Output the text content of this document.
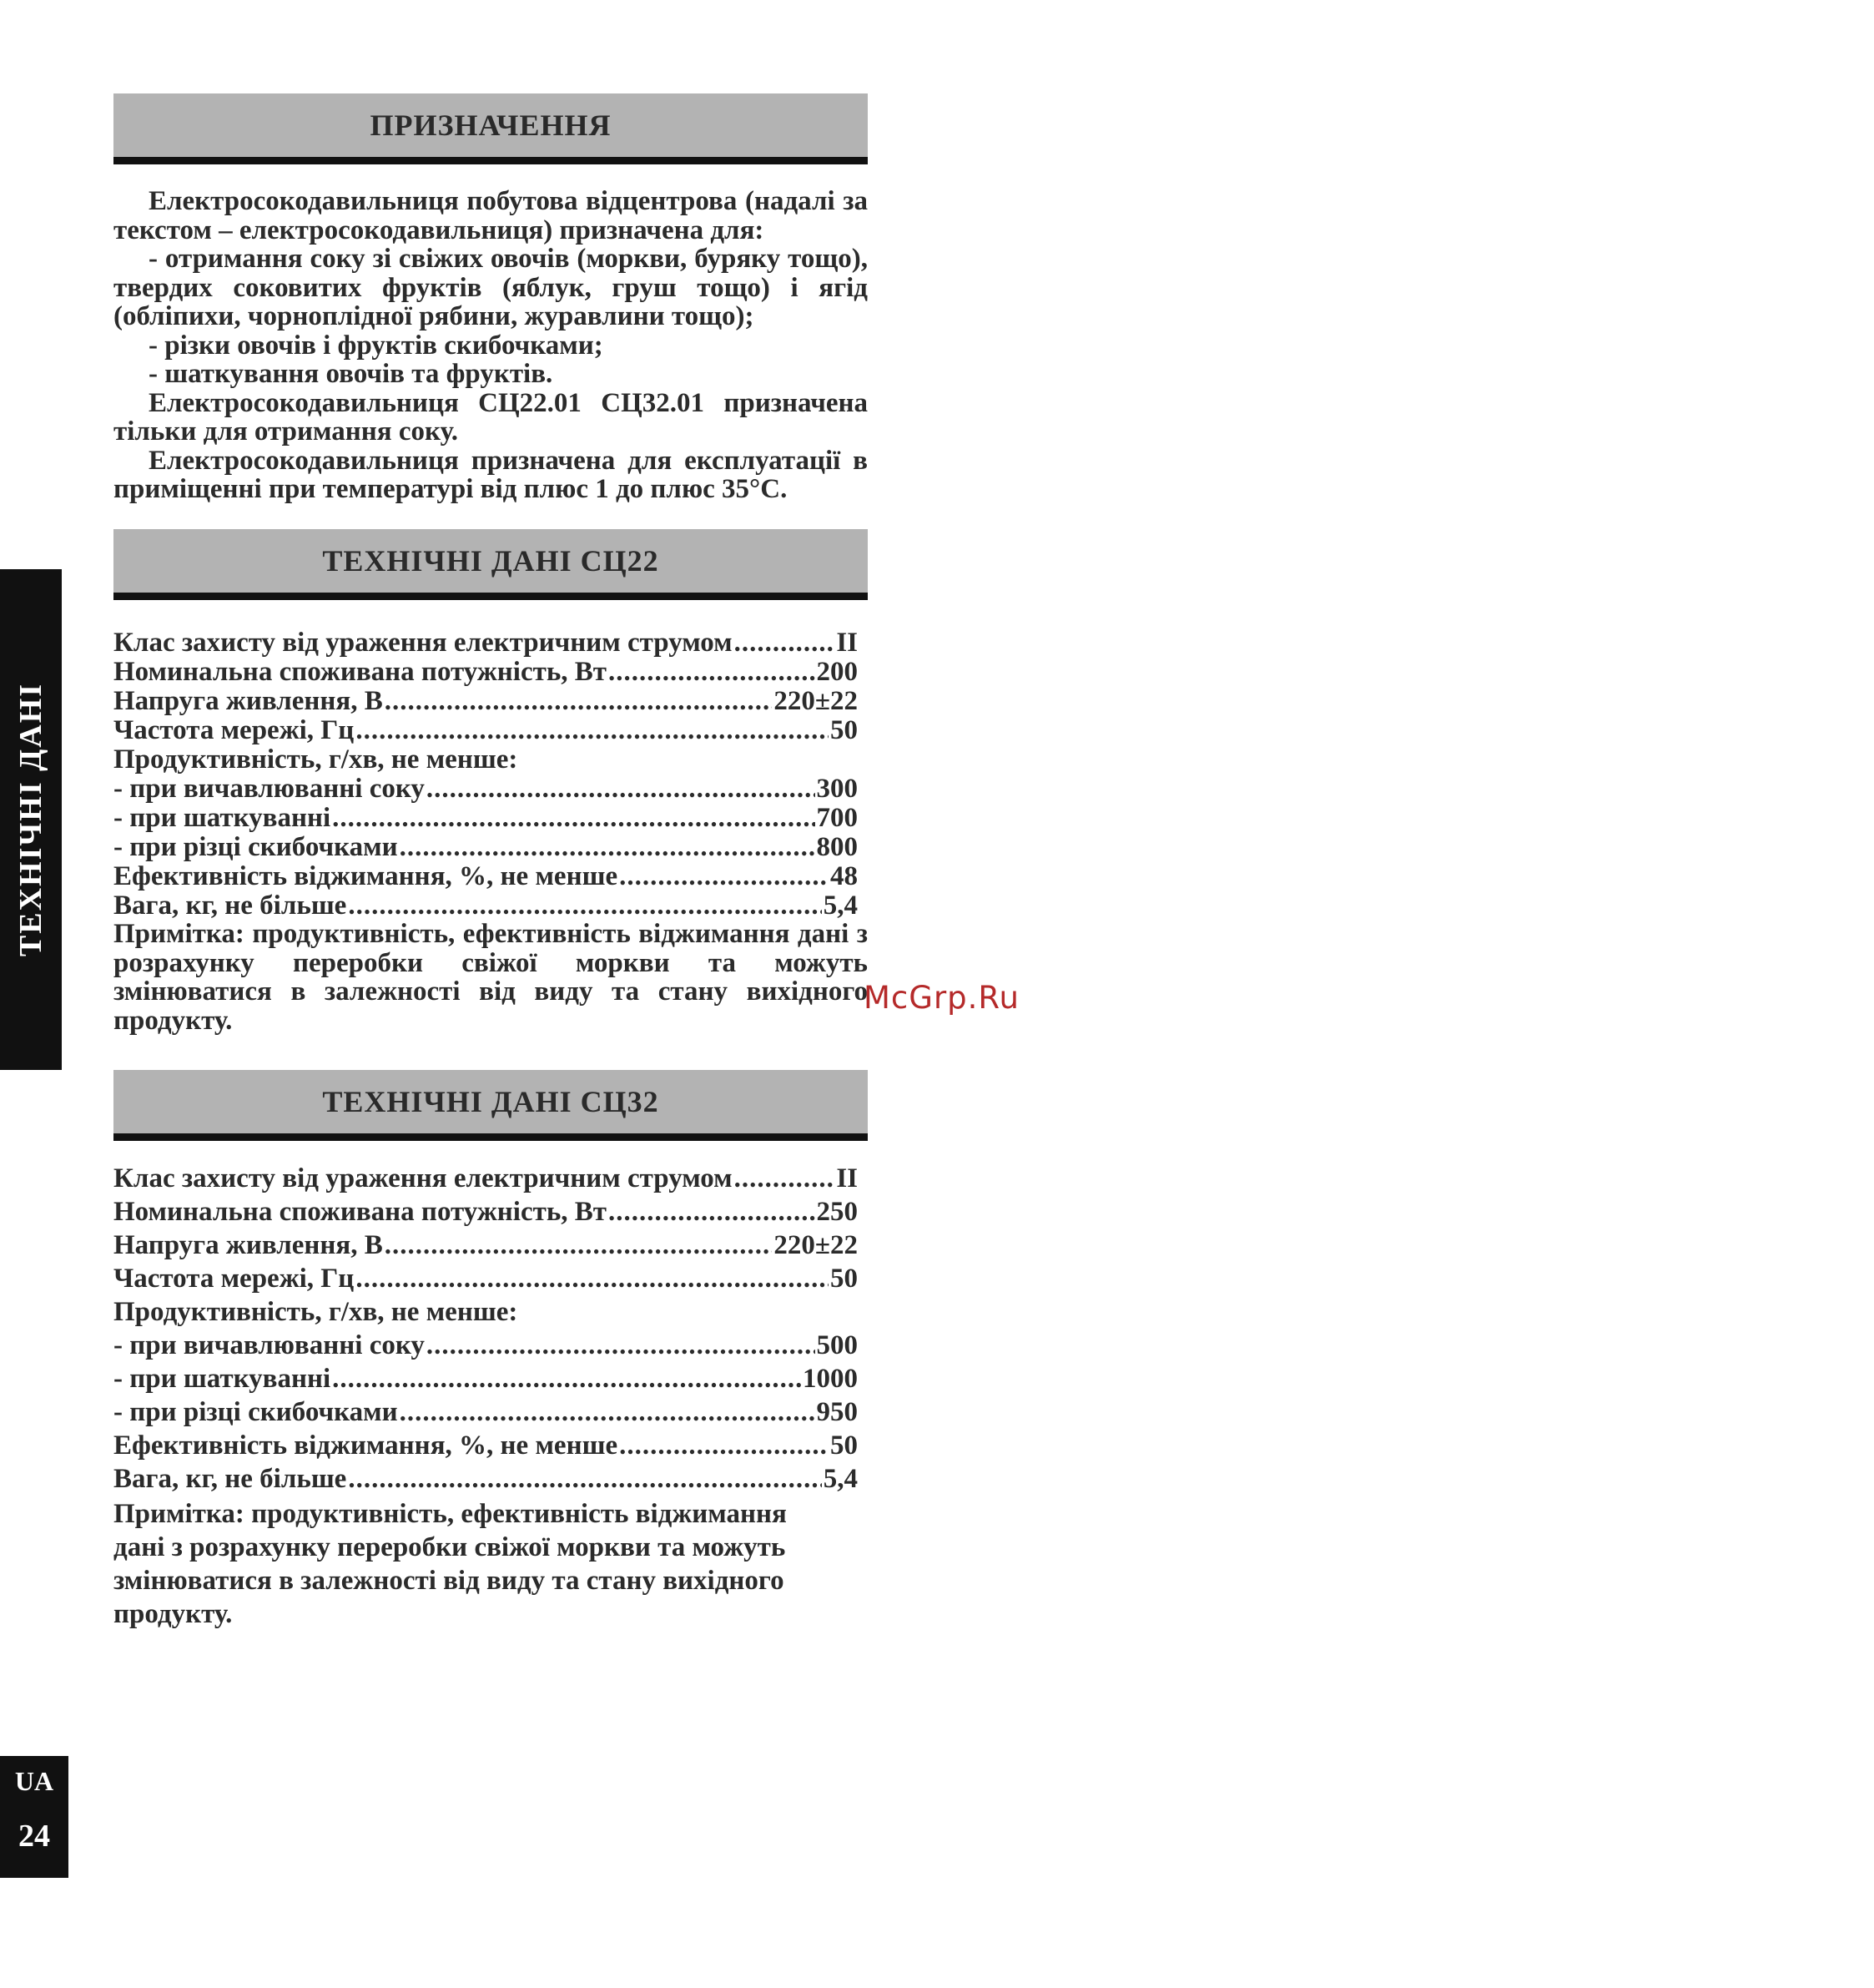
ТЕХНІЧНІ ДАНІ
ПРИЗНАЧЕННЯ

Електросокодавильниця побутова відцентрова (надалі за текстом – електросокодавильниця) призначена для:

- отримання соку зі свіжих овочів (моркви, буряку тощо), твердих соковитих фруктів (яблук, груш тощо) і ягід (обліпихи, чорноплідної рябини, журавлини тощо);

- різки овочів і фруктів скибочками;

- шаткування овочів та фруктів.

Електросокодавильниця СЦ22.01 СЦ32.01 призначена тільки для отримання соку.

Електросокодавильниця призначена для експлуатації в приміщенні при температурі від плюс 1 до плюс 35°С.

ТЕХНІЧНІ ДАНІ СЦ22
Клас захисту від ураження електричним струмом .....	II
Номинальна споживана потужність, Вт .....	200
Напруга живлення, В .....	220±22
Частота мережі, Гц .....	50
Продуктивність, г/хв, не менше:
- при вичавлюванні соку .....	300
- при шаткуванні .....	700
- при різці скибочками .....	800
Ефективність віджимання, %, не менше .....	48
Вага, кг, не більше .....	5,4

Примітка: продуктивність, ефективність віджимання дані з розрахунку переробки свіжої моркви та можуть змінюватися в залежності від виду та стану вихідного продукту.

ТЕХНІЧНІ ДАНІ СЦ32
Клас захисту від ураження електричним струмом .....	II
Номинальна споживана потужність, Вт .....	250
Напруга живлення, В .....	220±22
Частота мережі, Гц .....	50
Продуктивність, г/хв, не менше:
- при вичавлюванні соку .....	500
- при шаткуванні .....	1000
- при різці скибочками .....	950
Ефективність віджимання, %, не менше .....	50
Вага, кг, не більше .....	5,4

Примітка: продуктивність, ефективність віджимання дані з розрахунку переробки свіжої моркви та можуть змінюватися в залежності від виду та стану вихідного продукту.

McGrp.Ru
UA
24
